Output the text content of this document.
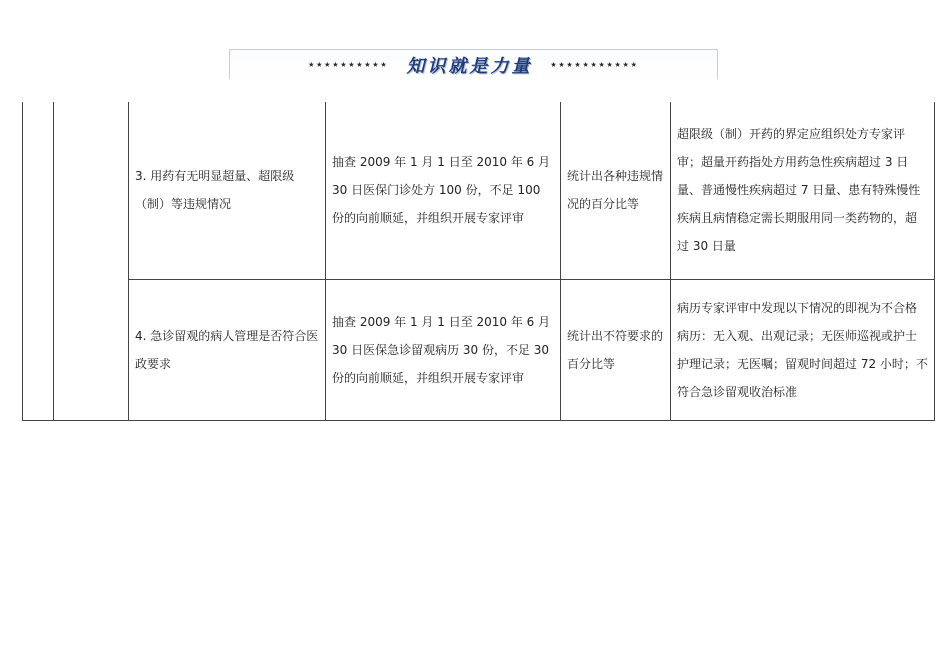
★★★★★★★★★★ 知识就是力量 ★★★★★★★★★★★
		3. 用药有无明显超量、超限级（制）等违规情况	抽查 2009 年 1 月 1 日至 2010 年 6 月 30 日医保门诊处方 100 份，不足 100 份的向前顺延，并组织开展专家评审	统计出各种违规情况的百分比等	超限级（制）开药的界定应组织处方专家评审；超量开药指处方用药急性疾病超过 3 日量、普通慢性疾病超过 7 日量、患有特殊慢性疾病且病情稳定需长期服用同一类药物的，超过 30 日量
		4. 急诊留观的病人管理是否符合医政要求	抽查 2009 年 1 月 1 日至 2010 年 6 月 30 日医保急诊留观病历 30 份，不足 30 份的向前顺延，并组织开展专家评审	统计出不符要求的百分比等	病历专家评审中发现以下情况的即视为不合格病历：无入观、出观记录；无医师巡视或护士护理记录；无医嘱；留观时间超过 72 小时；不符合急诊留观收治标准
